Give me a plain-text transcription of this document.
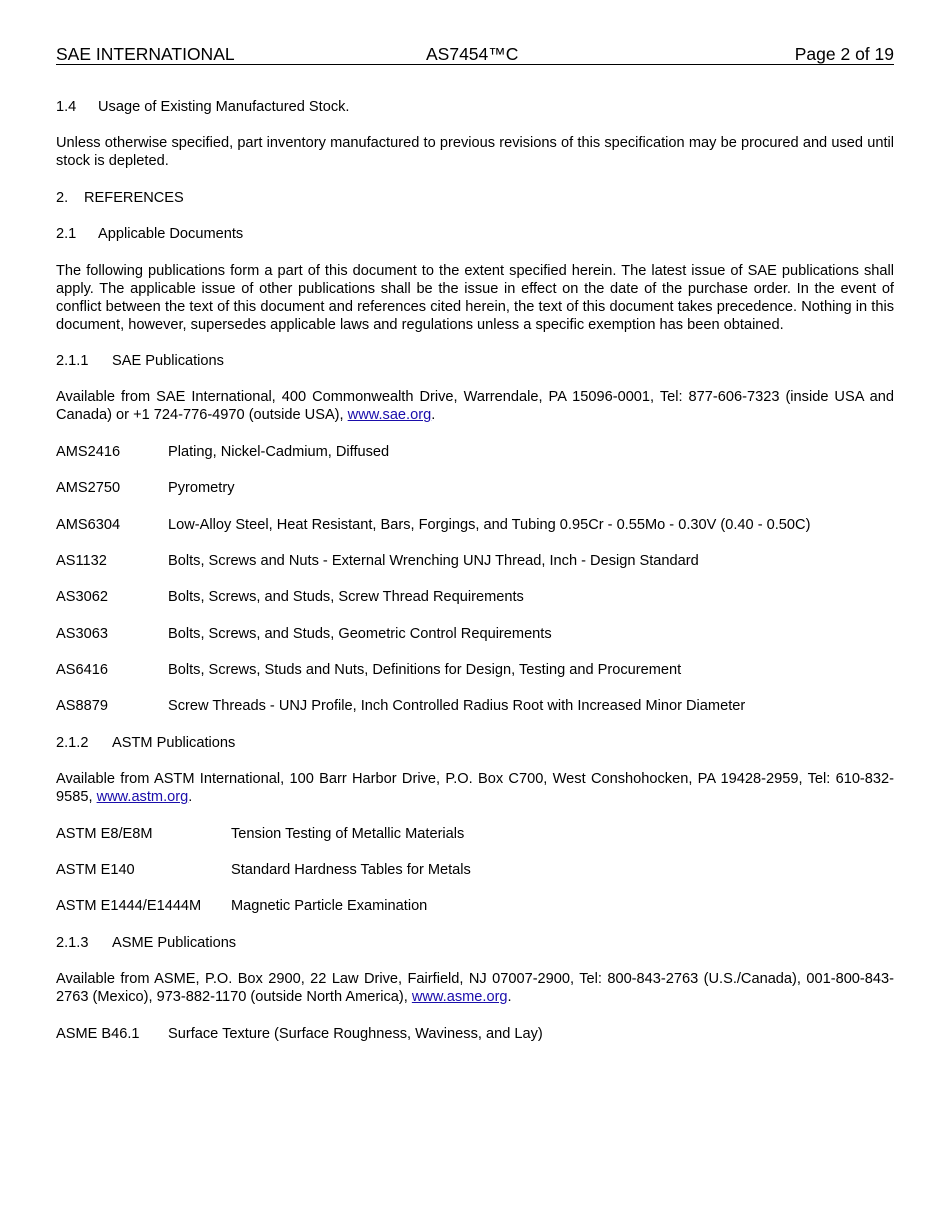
SAE INTERNATIONAL	AS7454™C	Page 2 of 19

1.4 Usage of Existing Manufactured Stock.

Unless otherwise specified, part inventory manufactured to previous revisions of this specification may be procured and used until stock is depleted.

2. REFERENCES

2.1 Applicable Documents

The following publications form a part of this document to the extent specified herein. The latest issue of SAE publications shall apply. The applicable issue of other publications shall be the issue in effect on the date of the purchase order. In the event of conflict between the text of this document and references cited herein, the text of this document takes precedence. Nothing in this document, however, supersedes applicable laws and regulations unless a specific exemption has been obtained.

2.1.1 SAE Publications

Available from SAE International, 400 Commonwealth Drive, Warrendale, PA 15096-0001, Tel: 877-606-7323 (inside USA and Canada) or +1 724-776-4970 (outside USA), www.sae.org.

AMS2416	Plating, Nickel-Cadmium, Diffused

AMS2750	Pyrometry

AMS6304	Low-Alloy Steel, Heat Resistant, Bars, Forgings, and Tubing 0.95Cr - 0.55Mo - 0.30V (0.40 - 0.50C)

AS1132	Bolts, Screws and Nuts - External Wrenching UNJ Thread, Inch - Design Standard

AS3062	Bolts, Screws, and Studs, Screw Thread Requirements

AS3063	Bolts, Screws, and Studs, Geometric Control Requirements

AS6416	Bolts, Screws, Studs and Nuts, Definitions for Design, Testing and Procurement

AS8879	Screw Threads - UNJ Profile, Inch Controlled Radius Root with Increased Minor Diameter

2.1.2 ASTM Publications

Available from ASTM International, 100 Barr Harbor Drive, P.O. Box C700, West Conshohocken, PA 19428-2959, Tel: 610-832-9585, www.astm.org.

ASTM E8/E8M	Tension Testing of Metallic Materials

ASTM E140	Standard Hardness Tables for Metals

ASTM E1444/E1444M	Magnetic Particle Examination

2.1.3 ASME Publications

Available from ASME, P.O. Box 2900, 22 Law Drive, Fairfield, NJ 07007-2900, Tel: 800-843-2763 (U.S./Canada), 001-800-843-2763 (Mexico), 973-882-1170 (outside North America), www.asme.org.

ASME B46.1	Surface Texture (Surface Roughness, Waviness, and Lay)
